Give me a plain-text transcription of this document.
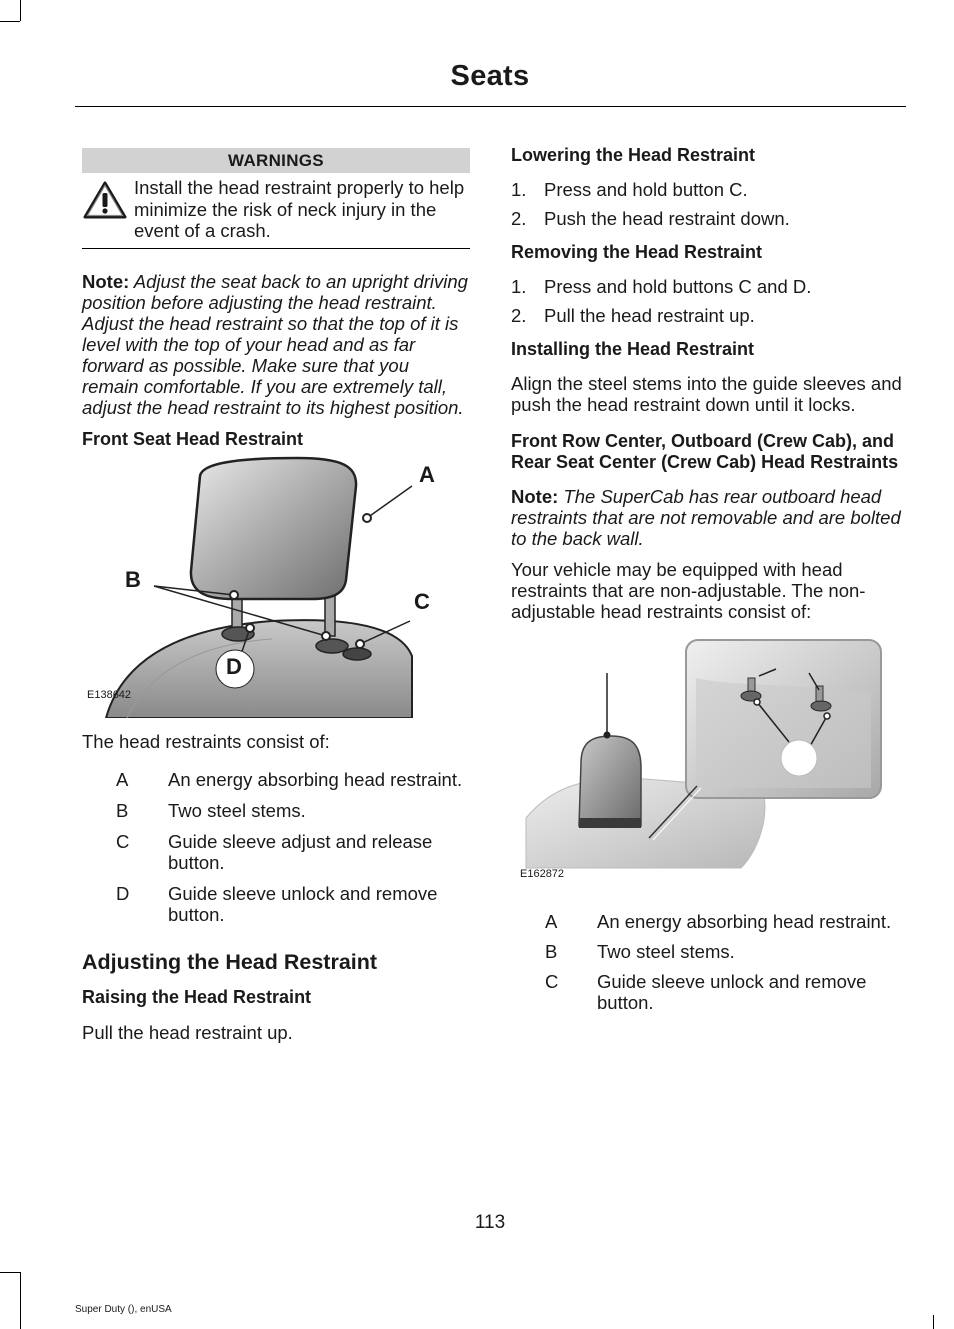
Seats
WARNINGS
Install the head restraint properly to help minimize the risk of neck injury in the event of a crash.
Note: Adjust the seat back to an upright driving position before adjusting the head restraint. Adjust the head restraint so that the top of it is level with the top of your head and as far forward as possible. Make sure that you remain comfortable. If you are extremely tall, adjust the head restraint to its highest position.
Front Seat Head Restraint
A
B
C
D
E138642
The head restraints consist of:
A	An energy absorbing head restraint.
B	Two steel stems.
C	Guide sleeve adjust and release button.
D	Guide sleeve unlock and remove button.
Adjusting the Head Restraint
Raising the Head Restraint
Pull the head restraint up.
Lowering the Head Restraint
1. Press and hold button C.
2. Push the head restraint down.
Removing the Head Restraint
1. Press and hold buttons C and D.
2. Pull the head restraint up.
Installing the Head Restraint
Align the steel stems into the guide sleeves and push the head restraint down until it locks.
Front Row Center, Outboard (Crew Cab), and Rear Seat Center (Crew Cab) Head Restraints
Note: The SuperCab has rear outboard head restraints that are not removable and are bolted to the back wall.
Your vehicle may be equipped with head restraints that are non-adjustable. The non-adjustable head restraints consist of:
E162872
A	An energy absorbing head restraint.
B	Two steel stems.
C	Guide sleeve unlock and remove button.
113
Super Duty (), enUSA
